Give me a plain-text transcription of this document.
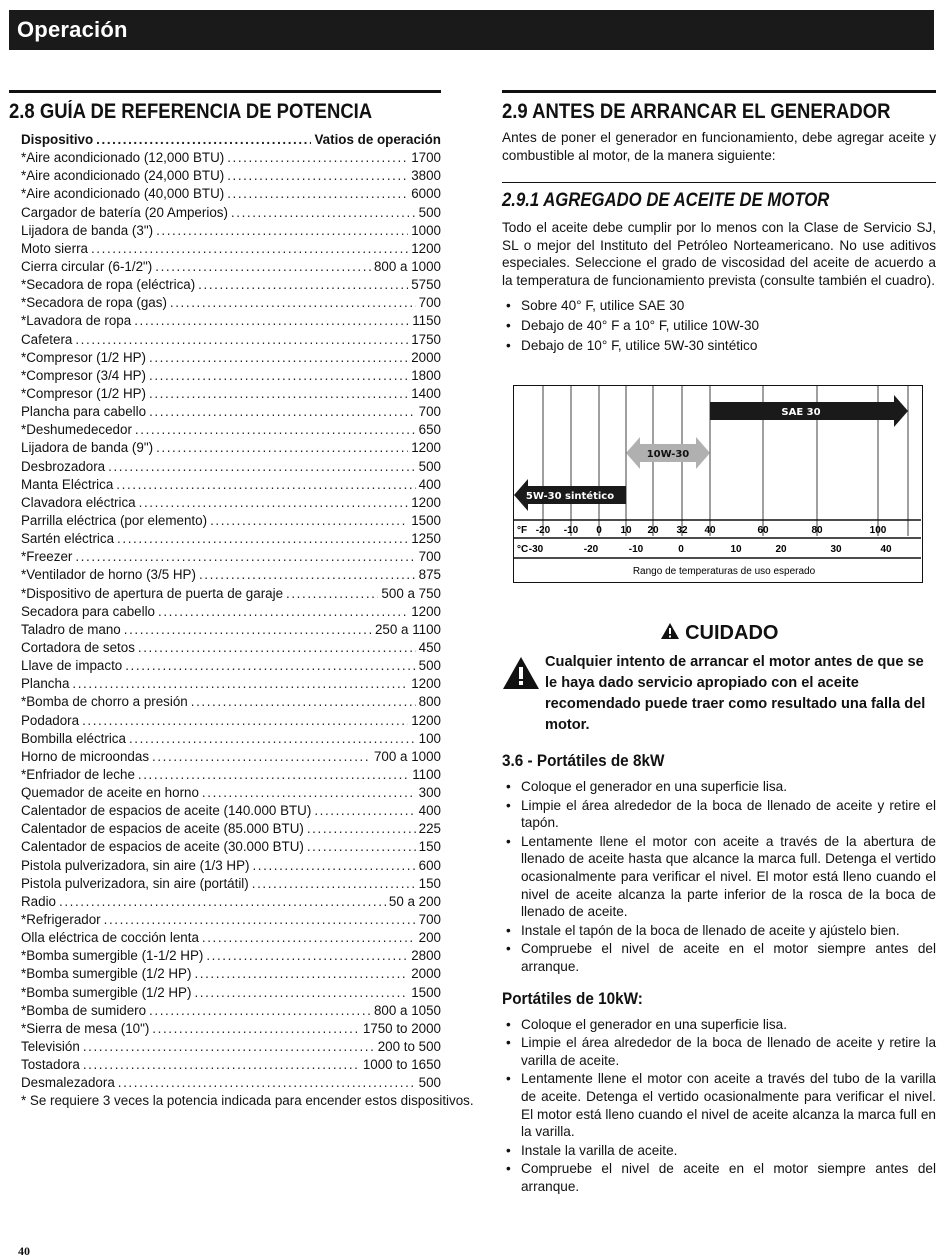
Operación
2.8 GUÍA DE REFERENCIA DE POTENCIA
Dispositivo .....	Vatios de operación
*Aire acondicionado (12,000 BTU) .....	1700
*Aire acondicionado (24,000 BTU) .....	3800
*Aire acondicionado (40,000 BTU) .....	6000
Cargador de batería (20 Amperios) .....	500
Lijadora de banda (3") .....	1000
Moto sierra .....	1200
Cierra circular (6-1/2") .....	800 a 1000
*Secadora de ropa (eléctrica) .....	5750
*Secadora de ropa (gas) .....	700
*Lavadora de ropa .....	1150
Cafetera .....	1750
*Compresor (1/2 HP) .....	2000
*Compresor (3/4 HP) .....	1800
*Compresor (1/2 HP) .....	1400
Plancha para cabello .....	700
*Deshumedecedor .....	650
Lijadora de banda (9") .....	1200
Desbrozadora .....	500
Manta Eléctrica .....	400
Clavadora eléctrica .....	1200
Parrilla eléctrica (por elemento) .....	1500
Sartén eléctrica .....	1250
*Freezer .....	700
*Ventilador de horno (3/5 HP) .....	875
*Dispositivo de apertura de puerta de garaje .....	500 a 750
Secadora para cabello .....	1200
Taladro de mano .....	250 a 1100
Cortadora de setos .....	450
Llave de impacto .....	500
Plancha .....	1200
*Bomba de chorro a presión .....	800
Podadora .....	1200
Bombilla eléctrica .....	100
Horno de microondas .....	700 a 1000
*Enfriador de leche .....	1100
Quemador de aceite en horno .....	300
Calentador de espacios de aceite (140.000 BTU) .....	400
Calentador de espacios de aceite (85.000 BTU) .....	225
Calentador de espacios de aceite (30.000 BTU) .....	150
Pistola pulverizadora, sin aire (1/3 HP) .....	600
Pistola pulverizadora, sin aire (portátil) .....	150
Radio .....	50 a 200
*Refrigerador .....	700
Olla eléctrica de cocción lenta .....	200
*Bomba sumergible (1-1/2 HP) .....	2800
*Bomba sumergible (1/2 HP) .....	2000
*Bomba sumergible (1/2 HP) .....	1500
*Bomba de sumidero .....	800 a 1050
*Sierra de mesa (10") .....	1750 to 2000
Televisión .....	200 to 500
Tostadora .....	1000 to 1650
Desmalezadora .....	500
* Se requiere 3 veces la potencia indicada para encender estos dispositivos.
2.9 ANTES DE ARRANCAR EL GENERADOR

Antes de poner el generador en funcionamiento, debe agregar aceite y combustible al motor, de la manera siguiente:

2.9.1 AGREGADO DE ACEITE DE MOTOR

Todo el aceite debe cumplir por lo menos con la Clase de Servicio SJ, SL o mejor del Instituto del Petróleo Norteamericano. No use aditivos especiales. Seleccione el grado de viscosidad del aceite de acuerdo a la temperatura de funcionamiento prevista (consulte también el cuadro).

• Sobre 40° F, utilice SAE 30
• Debajo de 40° F a 10° F, utilice 10W-30
• Debajo de 10° F, utilice 5W-30 sintético
SAE 30
10W-30
5W-30 sintético
°F -20 -10 0 10 20 32 40	60	80	100
°C -30	-20	-10	0	10	20	30	40
Rango de temperaturas de uso esperado
CUIDADO
Cualquier intento de arrancar el motor antes de que se le haya dado servicio apropiado con el aceite recomendado puede traer como resultado una falla del motor.
3.6 - Portátiles de 8kW
• Coloque el generador en una superficie lisa.
• Limpie el área alrededor de la boca de llenado de aceite y retire el tapón.
• Lentamente llene el motor con aceite a través de la abertura de llenado de aceite hasta que alcance la marca full. Detenga el vertido ocasionalmente para verificar el nivel. El motor está lleno cuando el nivel de aceite alcanza la parte inferior de la rosca de la boca de llenado de aceite.
• Instale el tapón de la boca de llenado de aceite y ajústelo bien.
• Compruebe el nivel de aceite en el motor siempre antes del arranque.
Portátiles de 10kW:
• Coloque el generador en una superficie lisa.
• Limpie el área alrededor de la boca de llenado de aceite y retire la varilla de aceite.
• Lentamente llene el motor con aceite a través del tubo de la varilla de aceite. Detenga el vertido ocasionalmente para verificar el nivel. El motor está lleno cuando el nivel de aceite alcanza la marca full en la varilla.
• Instale la varilla de aceite.
• Compruebe el nivel de aceite en el motor siempre antes del arranque.
40
